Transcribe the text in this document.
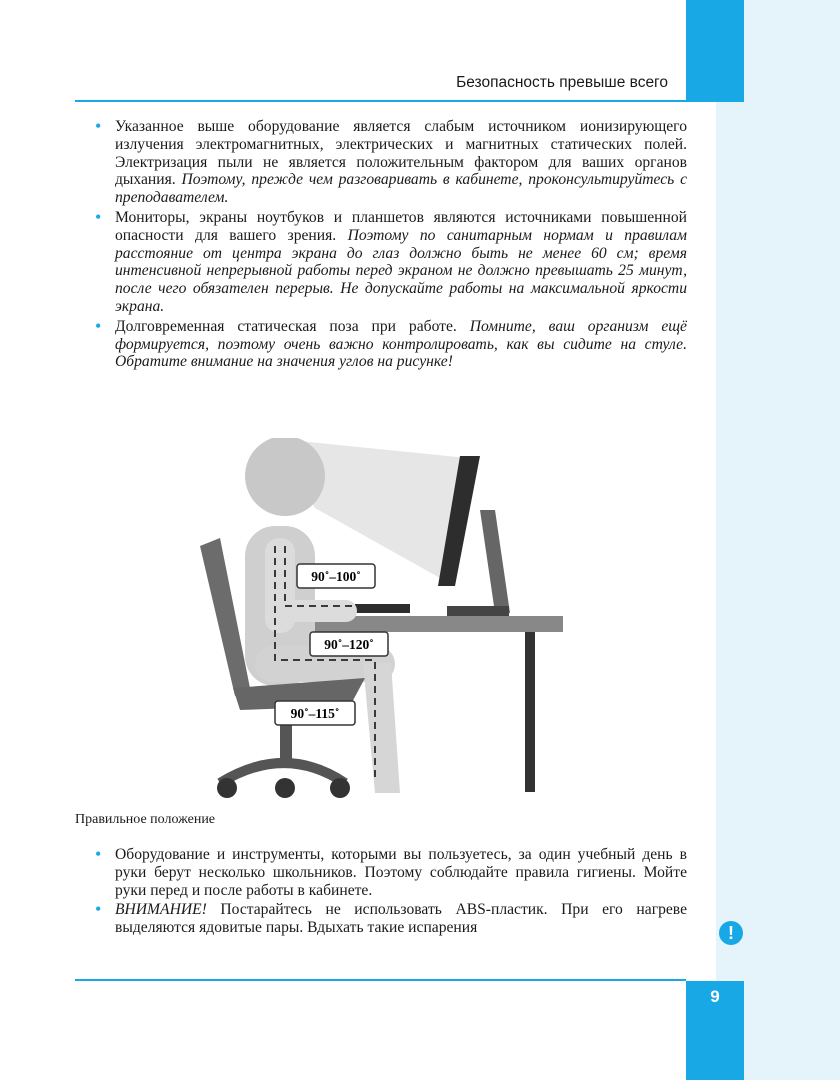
Безопасность превыше всего
• Указанное выше оборудование является слабым источником ионизирующего излучения электромагнитных, электрических и магнитных статических полей. Электризация пыли не является положительным фактором для ваших органов дыхания. Поэтому, прежде чем разговаривать в кабинете, проконсультируйтесь с преподавателем.
• Мониторы, экраны ноутбуков и планшетов являются источниками повышенной опасности для вашего зрения. Поэтому по санитарным нормам и правилам расстояние от центра экрана до глаз должно быть не менее 60 см; время интенсивной непрерывной работы перед экраном не должно превышать 25 минут, после чего обязателен перерыв. Не допускайте работы на максимальной яркости экрана.
• Долговременная статическая поза при работе. Помните, ваш организм ещё формируется, поэтому очень важно контролировать, как вы сидите на стуле. Обратите внимание на значения углов на рисунке!
90˚–100˚
90˚–120˚
90˚–115˚
Правильное положение
• Оборудование и инструменты, которыми вы пользуетесь, за один учебный день в руки берут несколько школьников. Поэтому соблюдайте правила гигиены. Мойте руки перед и после работы в кабинете.
• ВНИМАНИЕ! Постарайтесь не использовать ABS-пластик. При его нагреве выделяются ядовитые пары. Вдыхать такие испарения	!
9
